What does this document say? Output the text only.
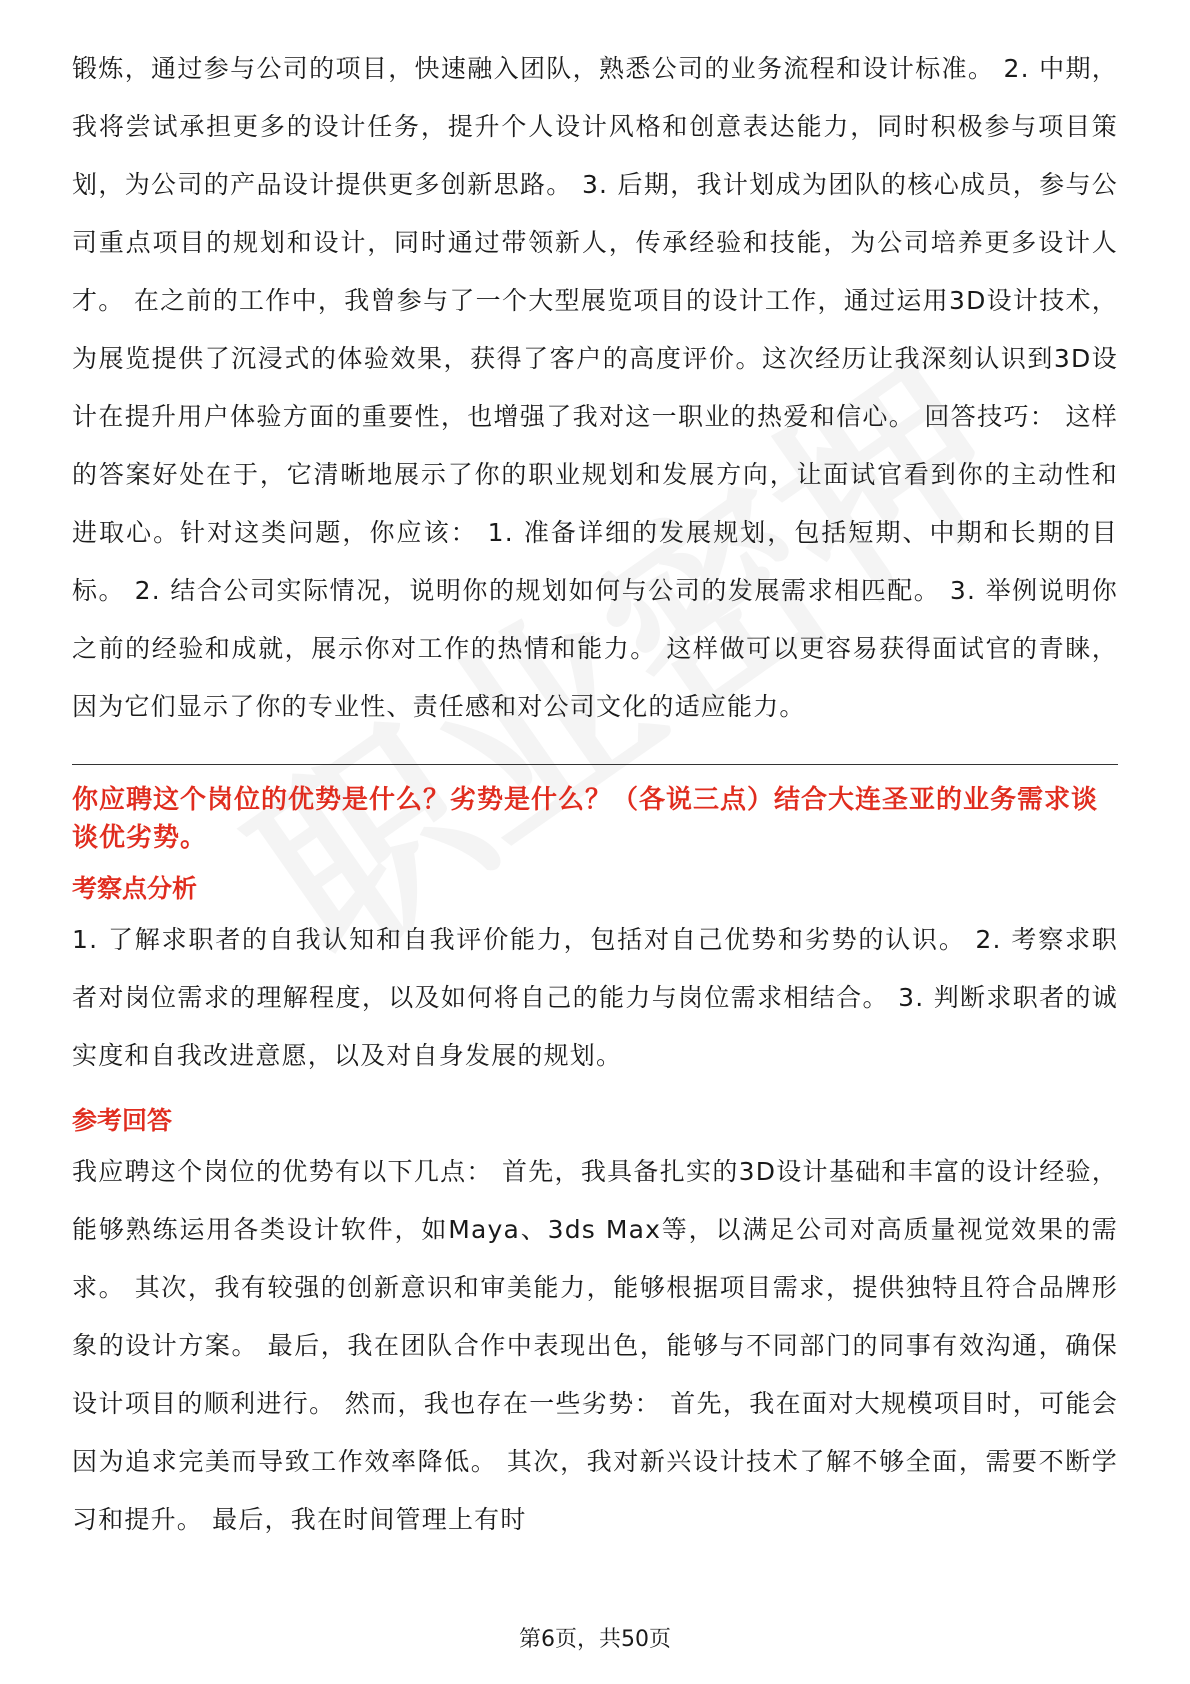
锻炼，通过参与公司的项目，快速融入团队，熟悉公司的业务流程和设计标准。 2. 中期，我将尝试承担更多的设计任务，提升个人设计风格和创意表达能力，同时积极参与项目策划，为公司的产品设计提供更多创新思路。 3. 后期，我计划成为团队的核心成员，参与公司重点项目的规划和设计，同时通过带领新人，传承经验和技能，为公司培养更多设计人才。 在之前的工作中，我曾参与了一个大型展览项目的设计工作，通过运用3D设计技术，为展览提供了沉浸式的体验效果，获得了客户的高度评价。这次经历让我深刻认识到3D设计在提升用户体验方面的重要性，也增强了我对这一职业的热爱和信心。 回答技巧： 这样的答案好处在于，它清晰地展示了你的职业规划和发展方向，让面试官看到你的主动性和进取心。针对这类问题，你应该： 1. 准备详细的发展规划，包括短期、中期和长期的目标。 2. 结合公司实际情况，说明你的规划如何与公司的发展需求相匹配。 3. 举例说明你之前的经验和成就，展示你对工作的热情和能力。 这样做可以更容易获得面试官的青睐，因为它们显示了你的专业性、责任感和对公司文化的适应能力。

你应聘这个岗位的优势是什么？劣势是什么？（各说三点）结合大连圣亚的业务需求谈谈优劣势。

考察点分析

1. 了解求职者的自我认知和自我评价能力，包括对自己优势和劣势的认识。 2. 考察求职者对岗位需求的理解程度，以及如何将自己的能力与岗位需求相结合。 3. 判断求职者的诚实度和自我改进意愿，以及对自身发展的规划。

参考回答

我应聘这个岗位的优势有以下几点： 首先，我具备扎实的3D设计基础和丰富的设计经验，能够熟练运用各类设计软件，如Maya、3ds Max等，以满足公司对高质量视觉效果的需求。 其次，我有较强的创新意识和审美能力，能够根据项目需求，提供独特且符合品牌形象的设计方案。 最后，我在团队合作中表现出色，能够与不同部门的同事有效沟通，确保设计项目的顺利进行。 然而，我也存在一些劣势： 首先，我在面对大规模项目时，可能会因为追求完美而导致工作效率降低。 其次，我对新兴设计技术了解不够全面，需要不断学习和提升。 最后，我在时间管理上有时

第6页，共50页
